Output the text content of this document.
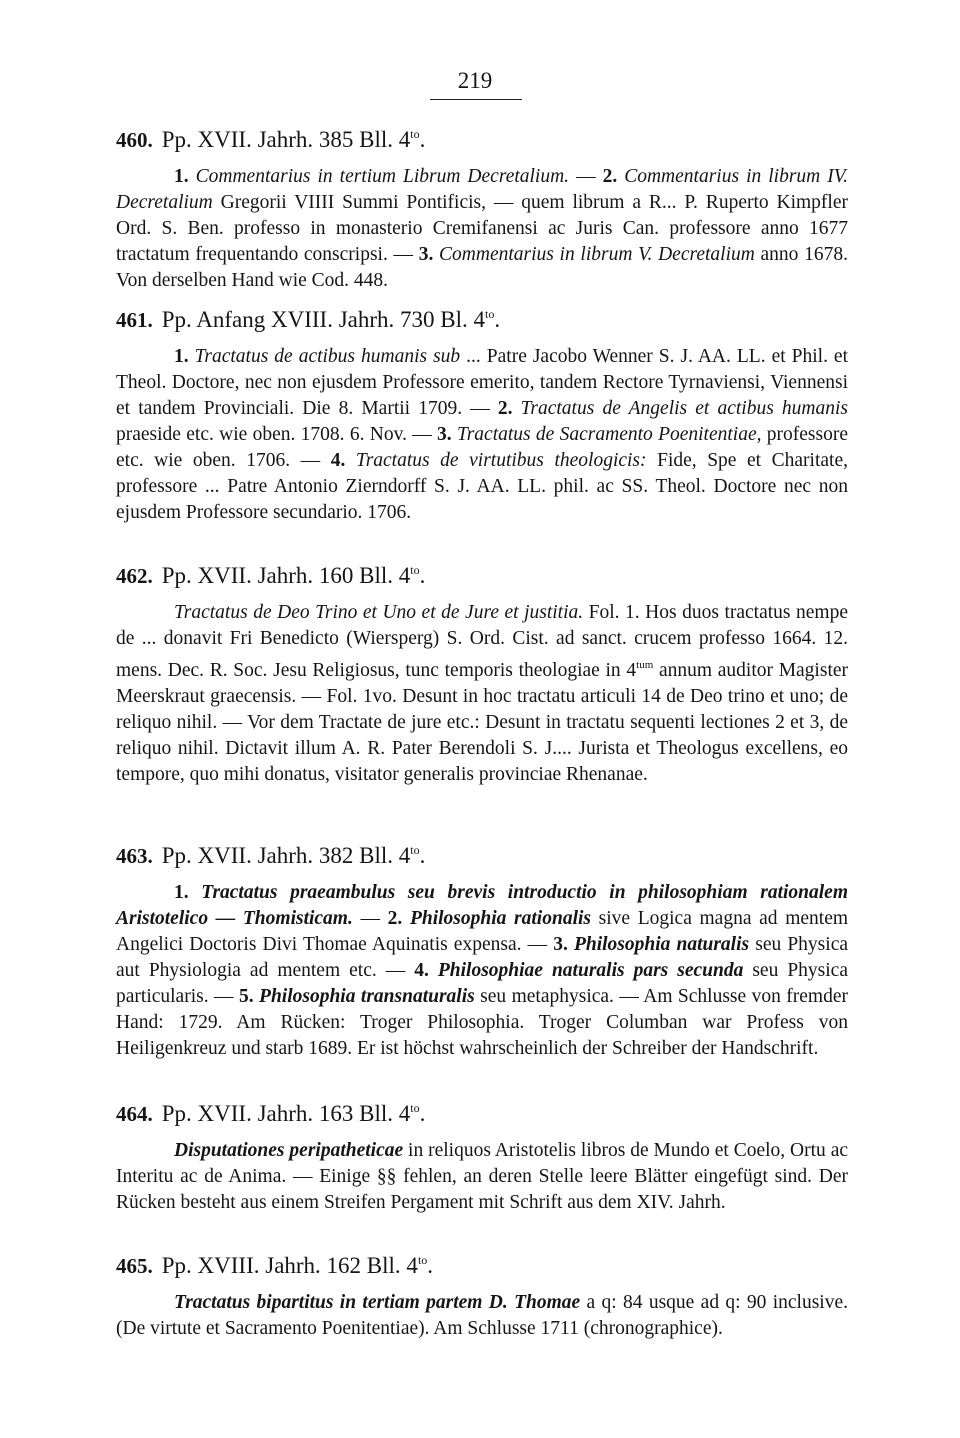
219

460. Pp. XVII. Jahrh. 385 Bll. $4^{to}$.

1. Commentarius in tertium Librum Decretalium. — 2. Commentarius in librum IV. Decretalium Gregorii VIIII Summi Pontificis, — quem librum a R... P. Ruperto Kimpfler Ord. S. Ben. professo in monasterio Cremifanensi ac Juris Can. professore anno 1677 tractatum frequentando conscripsi. — 3. Commentarius in librum V. Decretalium anno 1678. Von derselben Hand wie Cod. 448.

461. Pp. Anfang XVIII. Jahrh. 730 Bl. $4^{to}$.

1. Tractatus de actibus humanis sub ... Patre Jacobo Wenner S. J. AA. LL. et Phil. et Theol. Doctore, nec non ejusdem Professore emerito, tandem Rectore Tyrnaviensi, Viennensi et tandem Provinciali. Die 8. Martii 1709. — 2. Tractatus de Angelis et actibus humanis praeside etc. wie oben. 1708. 6. Nov. — 3. Tractatus de Sacramento Poenitentiae, professore etc. wie oben. 1706. — 4. Tractatus de virtutibus theologicis: Fide, Spe et Charitate, professore ... Patre Antonio Zierndorff S. J. AA. LL. phil. ac SS. Theol. Doctore nec non ejusdem Professore secundario. 1706.

462. Pp. XVII. Jahrh. 160 Bll. $4^{to}$.

Tractatus de Deo Trino et Uno et de Jure et justitia. Fol. 1. Hos duos tractatus nempe de ... donavit Fri Benedicto (Wiersperg) S. Ord. Cist. ad sanct. crucem professo 1664. 12. mens. Dec. R. Soc. Jesu Religiosus, tunc temporis theologiae in $4^{tum}$ annum auditor Magister Meerskraut graecensis. — Fol. 1vo. Desunt in hoc tractatu articuli 14 de Deo trino et uno; de reliquo nihil. — Vor dem Tractate de jure etc.: Desunt in tractatu sequenti lectiones 2 et 3, de reliquo nihil. Dictavit illum A. R. Pater Berendoli S. J.... Jurista et Theologus excellens, eo tempore, quo mihi donatus, visitator generalis provinciae Rhenanae.

463. Pp. XVII. Jahrh. 382 Bll. $4^{to}$.

1. Tractatus praeambulus seu brevis introductio in philosophiam rationalem Aristotelico — Thomisticam. — 2. Philosophia rationalis sive Logica magna ad mentem Angelici Doctoris Divi Thomae Aquinatis expensa. — 3. Philosophia naturalis seu Physica aut Physiologia ad mentem etc. — 4. Philosophiae naturalis pars secunda seu Physica particularis. — 5. Philosophia transnaturalis seu metaphysica. — Am Schlusse von fremder Hand: 1729. Am Rücken: Troger Philosophia. Troger Columban war Profess von Heiligenkreuz und starb 1689. Er ist höchst wahrscheinlich der Schreiber der Handschrift.

464. Pp. XVII. Jahrh. 163 Bll. $4^{to}$.

Disputationes peripatheticae in reliquos Aristotelis libros de Mundo et Coelo, Ortu ac Interitu ac de Anima. — Einige §§ fehlen, an deren Stelle leere Blätter eingefügt sind. Der Rücken besteht aus einem Streifen Pergament mit Schrift aus dem XIV. Jahrh.

465. Pp. XVIII. Jahrh. 162 Bll. $4^{to}$.

Tractatus bipartitus in tertiam partem D. Thomae a q: 84 usque ad q: 90 inclusive. (De virtute et Sacramento Poenitentiae). Am Schlusse 1711 (chronographice).
